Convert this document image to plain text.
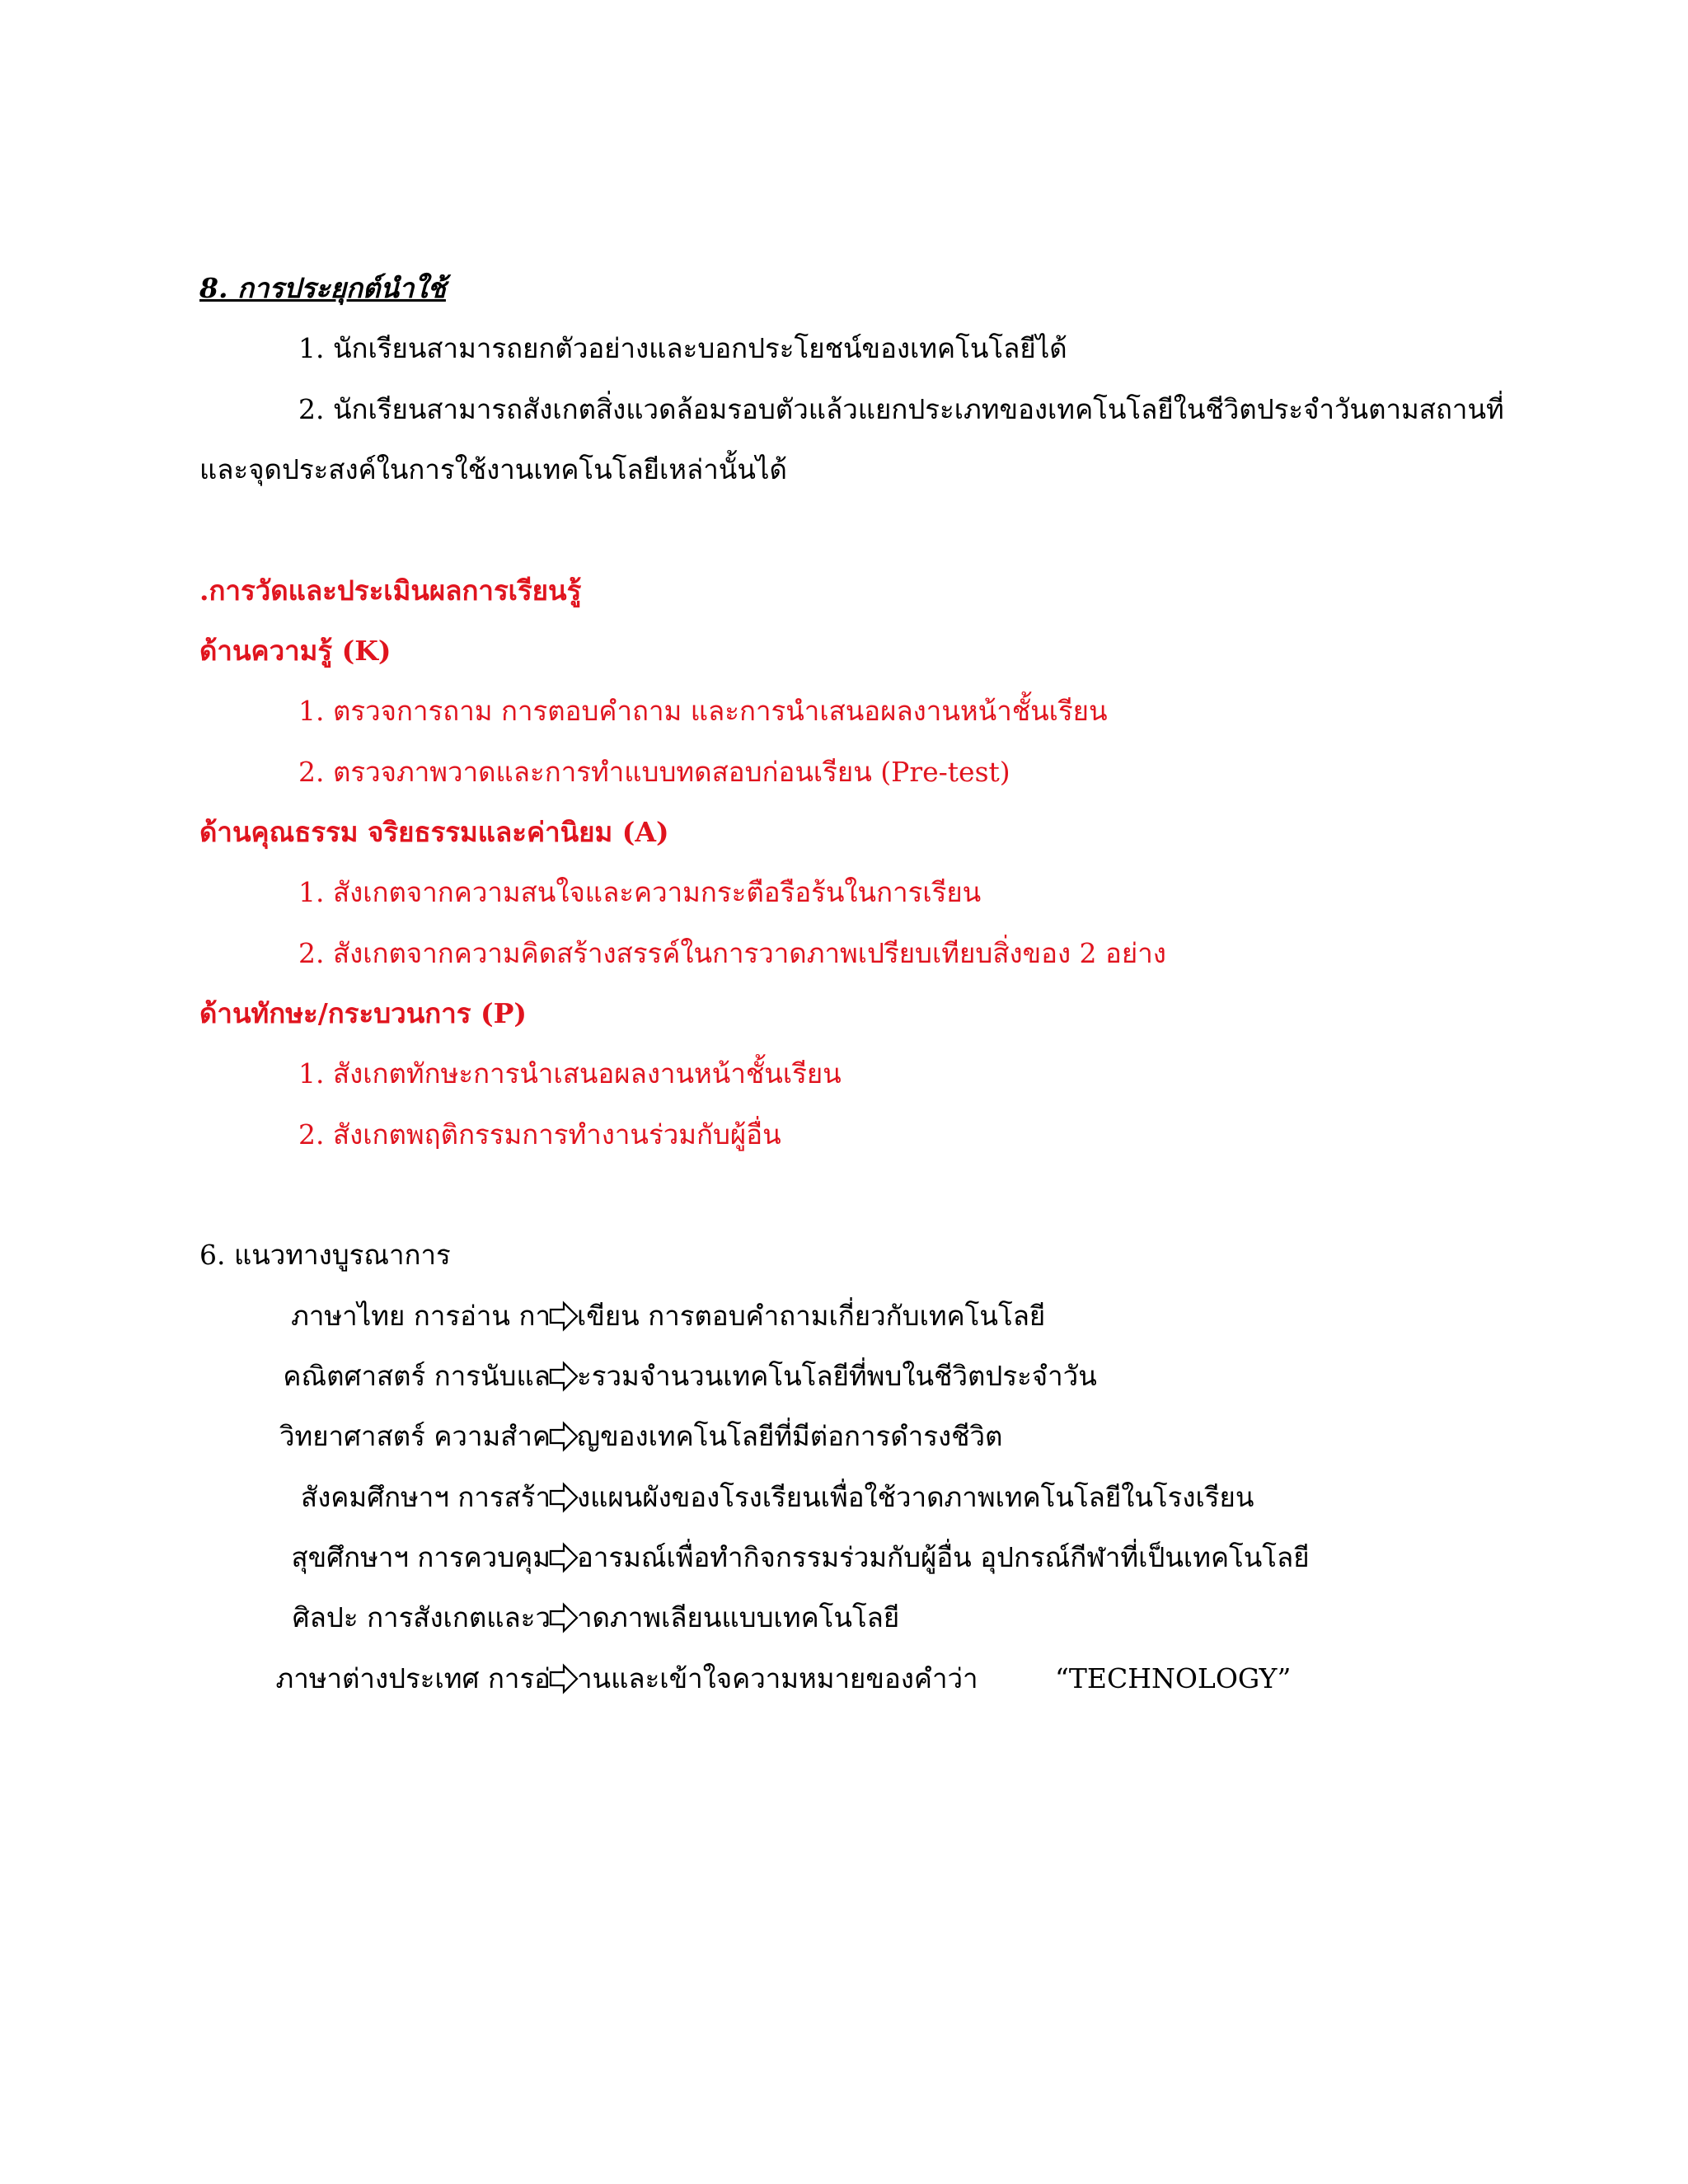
8. การประยุกต์นำใช้
1. นักเรียนสามารถยกตัวอย่างและบอกประโยชน์ของเทคโนโลยีได้
2. นักเรียนสามารถสังเกตสิ่งแวดล้อมรอบตัวแล้วแยกประเภทของเทคโนโลยีในชีวิตประจำวันตามสถานที่
และจุดประสงค์ในการใช้งานเทคโนโลยีเหล่านั้นได้
.การวัดและประเมินผลการเรียนรู้
ด้านความรู้ (K)
1. ตรวจการถาม การตอบคำถาม และการนำเสนอผลงานหน้าชั้นเรียน
2. ตรวจภาพวาดและการทำแบบทดสอบก่อนเรียน (Pre-test)
ด้านคุณธรรม จริยธรรมและค่านิยม (A)
1. สังเกตจากความสนใจและความกระตือรือร้นในการเรียน
2. สังเกตจากความคิดสร้างสรรค์ในการวาดภาพเปรียบเทียบสิ่งของ 2 อย่าง
ด้านทักษะ/กระบวนการ (P)
1. สังเกตทักษะการนำเสนอผลงานหน้าชั้นเรียน
2. สังเกตพฤติกรรมการทำงานร่วมกับผู้อื่น
6. แนวทางบูรณาการ
ภาษาไทย การอ่าน กา เขียน การตอบคำถามเกี่ยวกับเทคโนโลยี
คณิตศาสตร์ การนับแล ะรวมจำนวนเทคโนโลยีที่พบในชีวิตประจำวัน
วิทยาศาสตร์ ความสำค ญของเทคโนโลยีที่มีต่อการดำรงชีวิต
สังคมศึกษาฯ การสร้า งแผนผังของโรงเรียนเพื่อใช้วาดภาพเทคโนโลยีในโรงเรียน
สุขศึกษาฯ การควบคุม อารมณ์เพื่อทำกิจกรรมร่วมกับผู้อื่น อุปกรณ์กีฬาที่เป็นเทคโนโลยี
ศิลปะ การสังเกตและว าดภาพเลียนแบบเทคโนโลยี
ภาษาต่างประเทศ การอ่ านและเข้าใจความหมายของคำว่า	“TECHNOLOGY”
